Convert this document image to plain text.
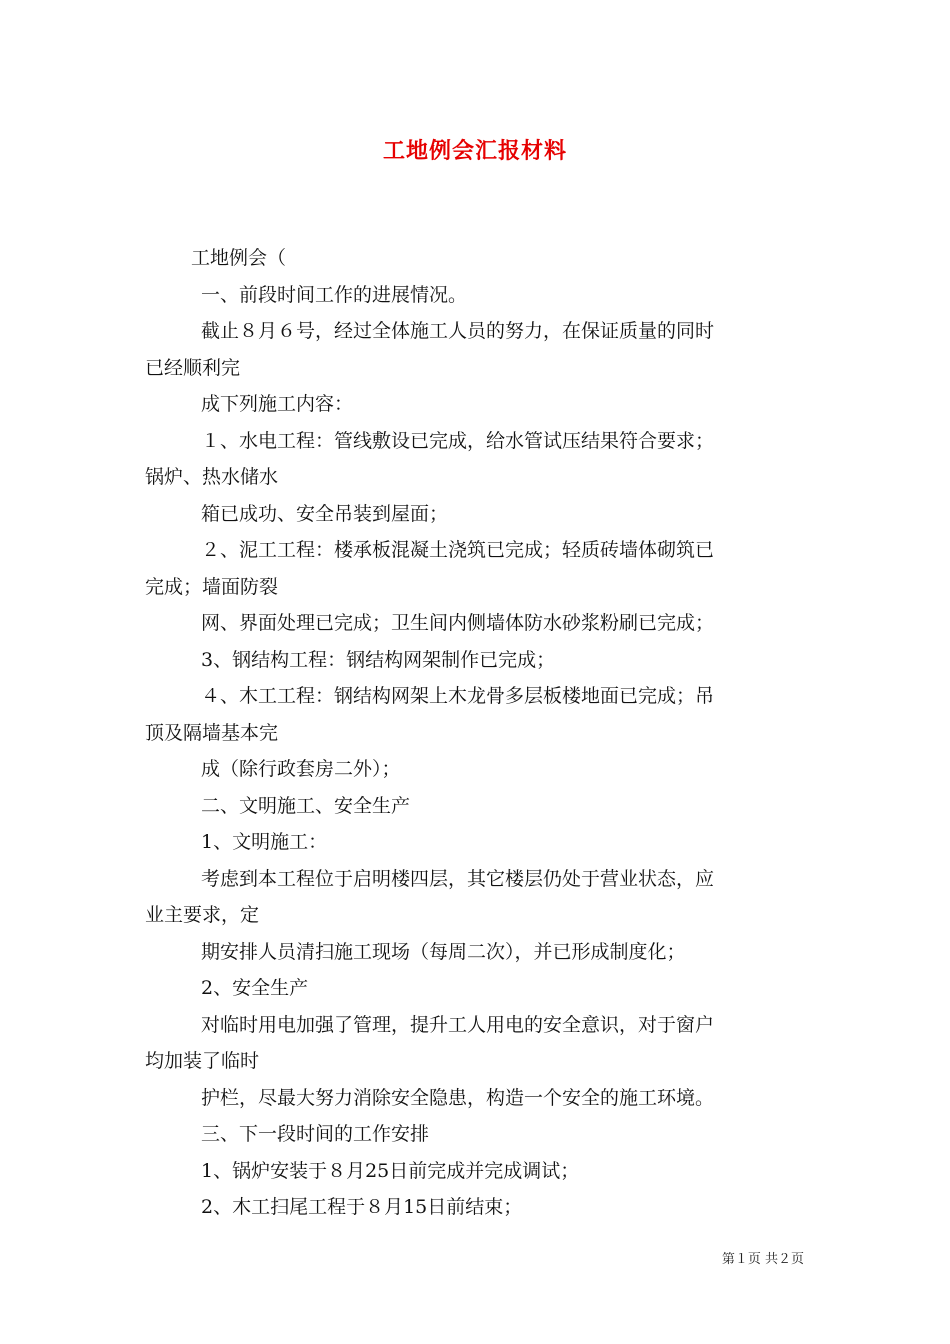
工地例会汇报材料
工地例会（
一、前段时间工作的进展情况。
截止８月６号，经过全体施工人员的努力，在保证质量的同时
已经顺利完
成下列施工内容：
１、水电工程：管线敷设已完成，给水管试压结果符合要求；
锅炉、热水储水
箱已成功、安全吊装到屋面；
２、泥工工程：楼承板混凝土浇筑已完成；轻质砖墙体砌筑已
完成；墙面防裂
网、界面处理已完成；卫生间内侧墙体防水砂浆粉刷已完成；
3、钢结构工程：钢结构网架制作已完成；
４、木工工程：钢结构网架上木龙骨多层板楼地面已完成；吊
顶及隔墙基本完
成（除行政套房二外）；
二、文明施工、安全生产
1、文明施工：
考虑到本工程位于启明楼四层，其它楼层仍处于营业状态，应
业主要求，定
期安排人员清扫施工现场（每周二次），并已形成制度化；
2、安全生产
对临时用电加强了管理，提升工人用电的安全意识，对于窗户
均加装了临时
护栏，尽最大努力消除安全隐患，构造一个安全的施工环境。
三、下一段时间的工作安排
1、锅炉安装于８月25日前完成并完成调试；
2、木工扫尾工程于８月15日前结束；
第１页 共２页
